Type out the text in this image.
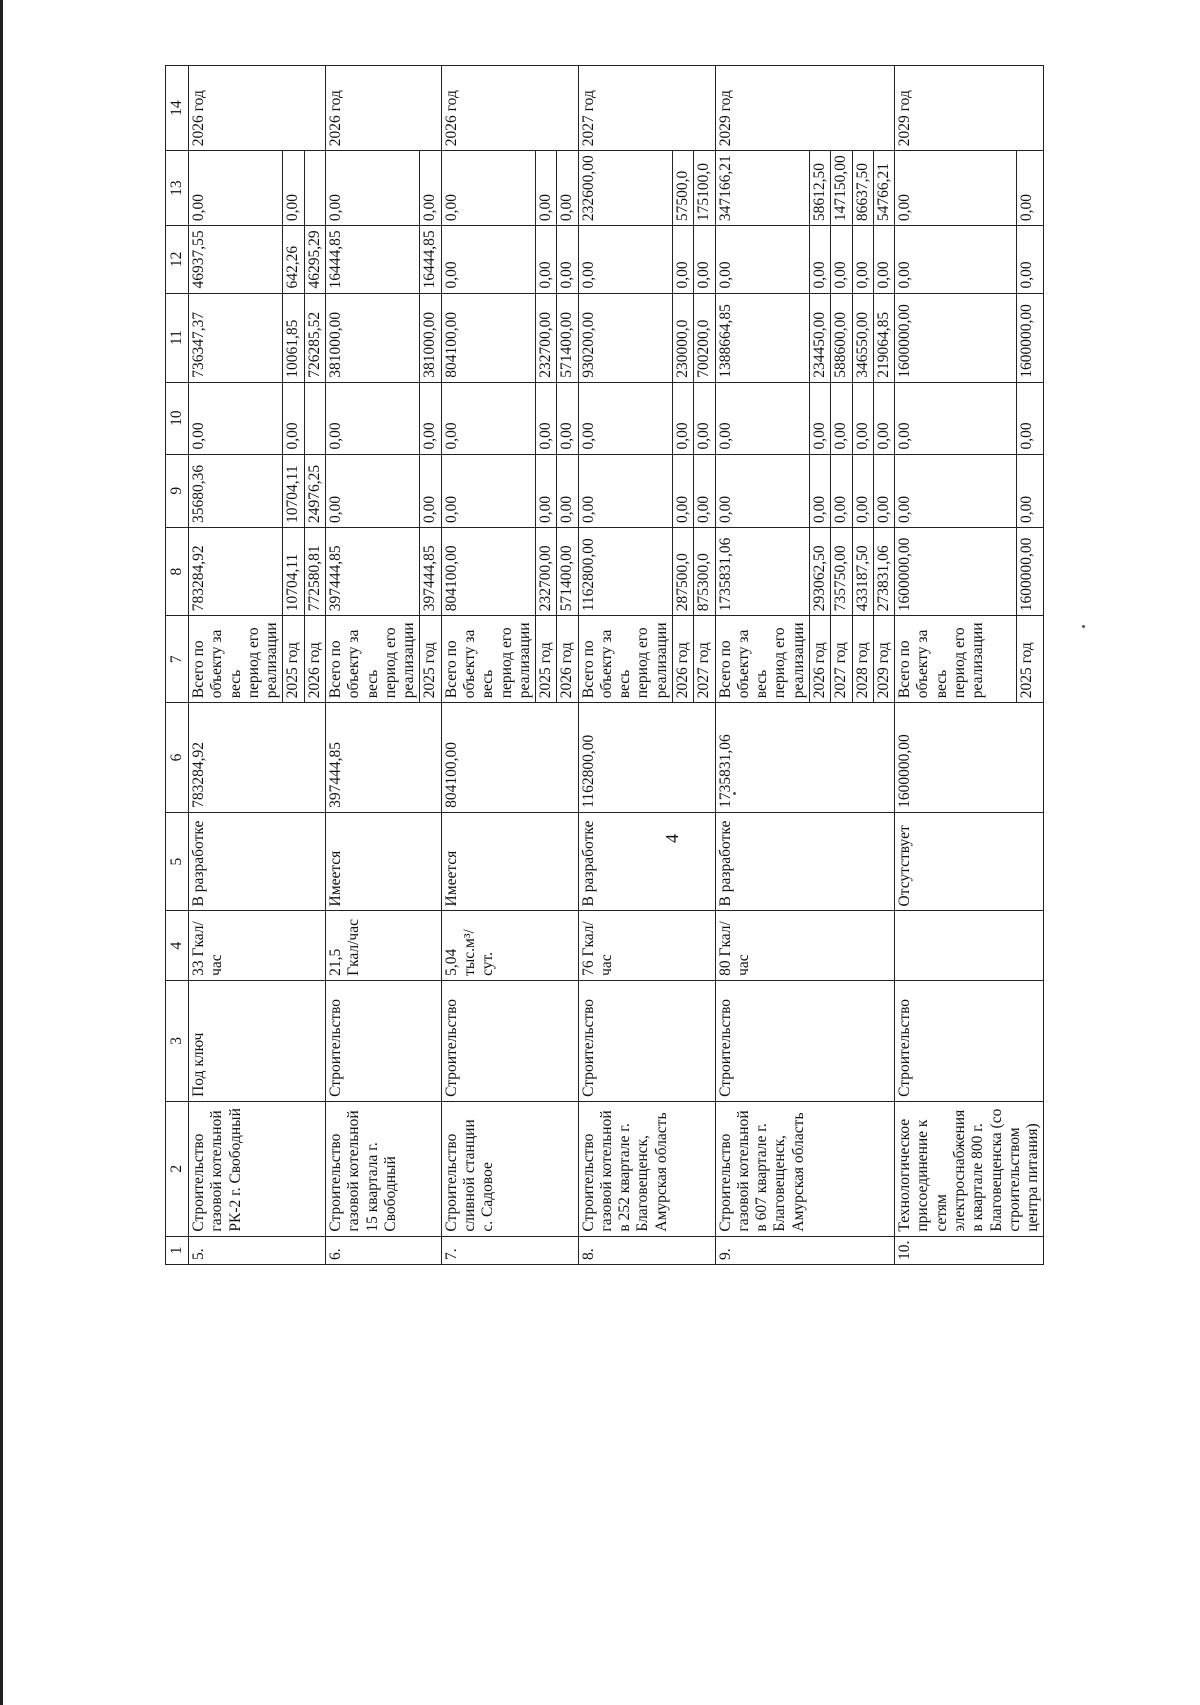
4
1	2	3	4	5	6	7	8	9	10	11	12	13	14
5.	Строительство газовой котельной РК-2 г. Свободный	Под ключ	33 Гкал/час	В разработке	783284,92	Всего по объекту за весь период его реализации	783284,92	35680,36	0,00	736347,37	46937,55	0,00	2026 год
						2025 год	10704,11	10704,11	0,00	10061,85	642,26	0,00	
						2026 год	772580,81	24976,25		726285,52	46295,29		
6.	Строительство газовой котельной 15 квартала г. Свободный	Строительство	21,5 Гкал/час	Имеется	397444,85	Всего по объекту за весь период его реализации	397444,85	0,00	0,00	381000,00	16444,85	0,00	2026 год
						2025 год	397444,85	0,00	0,00	381000,00	16444,85	0,00	
7.	Строительство сливной станции с. Садовое	Строительство	5,04 тыс.м³/сут.	Имеется	804100,00	Всего по объекту за весь период его реализации	804100,00	0,00	0,00	804100,00	0,00	0,00	2026 год
						2025 год	232700,00	0,00	0,00	232700,00	0,00	0,00	
						2026 год	571400,00	0,00	0,00	571400,00	0,00	0,00	
8.	Строительство газовой котельной в 252 квартале г. Благовещенск, Амурская область	Строительство	76 Гкал/час	В разработке	1162800,00	Всего по объекту за весь период его реализации	1162800,00	0,00	0,00	930200,00	0,00	232600,00	2027 год
						2026 год	287500,0	0,00	0,00	230000,0	0,00	57500,0	
						2027 год	875300,0	0,00	0,00	700200,0	0,00	175100,0	
9.	Строительство газовой котельной в 607 квартале г. Благовещенск, Амурская область	Строительство	80 Гкал/час	В разработке	1735831,06	Всего по объекту за весь период его реализации	1735831,06	0,00	0,00	1388664,85	0,00	347166,21	2029 год
						2026 год	293062,50	0,00	0,00	234450,00	0,00	58612,50	
						2027 год	735750,00	0,00	0,00	588600,00	0,00	147150,00	
						2028 год	433187,50	0,00	0,00	346550,00	0,00	86637,50	
						2029 год	273831,06	0,00	0,00	219064,85	0,00	54766,21	
10.	Технологическое присоединение к сетям электроснабжения в квартале 800 г. Благовещенска (со строительством центра питания)	Строительство		Отсутствует	1600000,00	Всего по объекту за весь период его реализации	1600000,00	0,00	0,00	1600000,00	0,00	0,00	2029 год
						2025 год	1600000,00	0,00	0,00	1600000,00	0,00	0,00	
